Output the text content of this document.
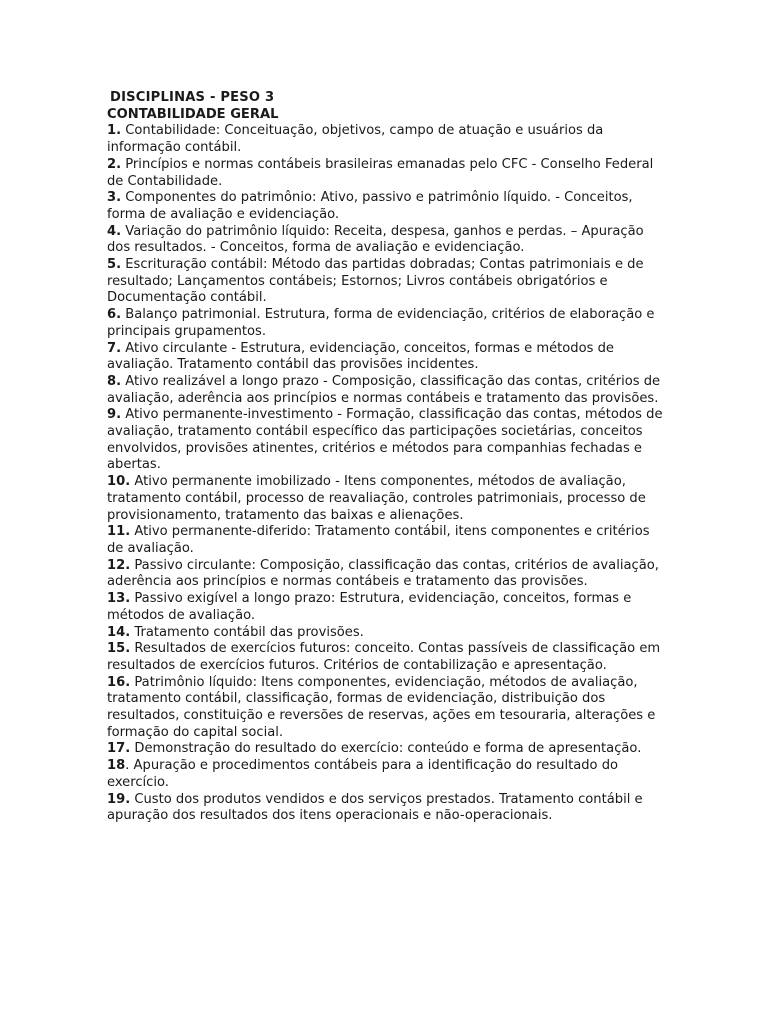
DISCIPLINAS - PESO 3

CONTABILIDADE GERAL

1. Contabilidade: Conceituação, objetivos, campo de atuação e usuários da informação contábil.

2. Princípios e normas contábeis brasileiras emanadas pelo CFC - Conselho Federal de Contabilidade.

3. Componentes do patrimônio: Ativo, passivo e patrimônio líquido. - Conceitos, forma de avaliação e evidenciação.

4. Variação do patrimônio líquido: Receita, despesa, ganhos e perdas. – Apuração dos resultados. - Conceitos, forma de avaliação e evidenciação.

5. Escrituração contábil: Método das partidas dobradas; Contas patrimoniais e de resultado; Lançamentos contábeis; Estornos; Livros contábeis obrigatórios e Documentação contábil.

6. Balanço patrimonial. Estrutura, forma de evidenciação, critérios de elaboração e principais grupamentos.

7. Ativo circulante - Estrutura, evidenciação, conceitos, formas e métodos de avaliação. Tratamento contábil das provisões incidentes.

8. Ativo realizável a longo prazo - Composição, classificação das contas, critérios de avaliação, aderência aos princípios e normas contábeis e tratamento das provisões.

9. Ativo permanente-investimento - Formação, classificação das contas, métodos de avaliação, tratamento contábil específico das participações societárias, conceitos envolvidos, provisões atinentes, critérios e métodos para companhias fechadas e abertas.

10. Ativo permanente imobilizado - Itens componentes, métodos de avaliação, tratamento contábil, processo de reavaliação, controles patrimoniais, processo de provisionamento, tratamento das baixas e alienações.

11. Ativo permanente-diferido: Tratamento contábil, itens componentes e critérios de avaliação.

12. Passivo circulante: Composição, classificação das contas, critérios de avaliação, aderência aos princípios e normas contábeis e tratamento das provisões.

13. Passivo exigível a longo prazo: Estrutura, evidenciação, conceitos, formas e métodos de avaliação.

14. Tratamento contábil das provisões.

15. Resultados de exercícios futuros: conceito. Contas passíveis de classificação em resultados de exercícios futuros. Critérios de contabilização e apresentação.

16. Patrimônio líquido: Itens componentes, evidenciação, métodos de avaliação, tratamento contábil, classificação, formas de evidenciação, distribuição dos resultados, constituição e reversões de reservas, ações em tesouraria, alterações e formação do capital social.

17. Demonstração do resultado do exercício: conteúdo e forma de apresentação.

18. Apuração e procedimentos contábeis para a identificação do resultado do exercício.

19. Custo dos produtos vendidos e dos serviços prestados. Tratamento contábil e apuração dos resultados dos itens operacionais e não-operacionais.
